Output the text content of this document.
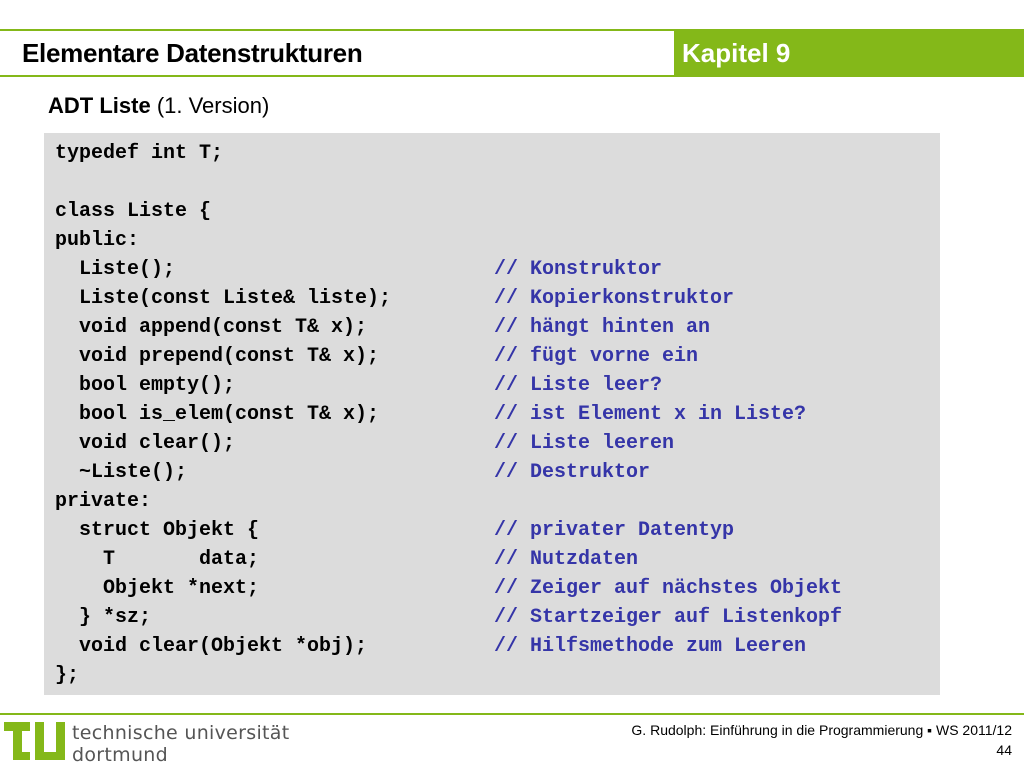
Elementare Datenstrukturen	Kapitel 9
ADT Liste (1. Version)
typedef int T;
class Liste {
public:
Liste();	// Konstruktor
Liste(const Liste& liste);	// Kopierkonstruktor
void append(const T& x);	// hängt hinten an
void prepend(const T& x);	// fügt vorne ein
bool empty();	// Liste leer?
bool is_elem(const T& x);	// ist Element x in Liste?
void clear();	// Liste leeren
~Liste();	// Destruktor
private:
struct Objekt {	// privater Datentyp
T       data;	// Nutzdaten
Objekt *next;	// Zeiger auf nächstes Objekt
} *sz;	// Startzeiger auf Listenkopf
void clear(Objekt *obj);	// Hilfsmethode zum Leeren
};
technische universität
dortmund
G. Rudolph: Einführung in die Programmierung ▪ WS 2011/12
44
